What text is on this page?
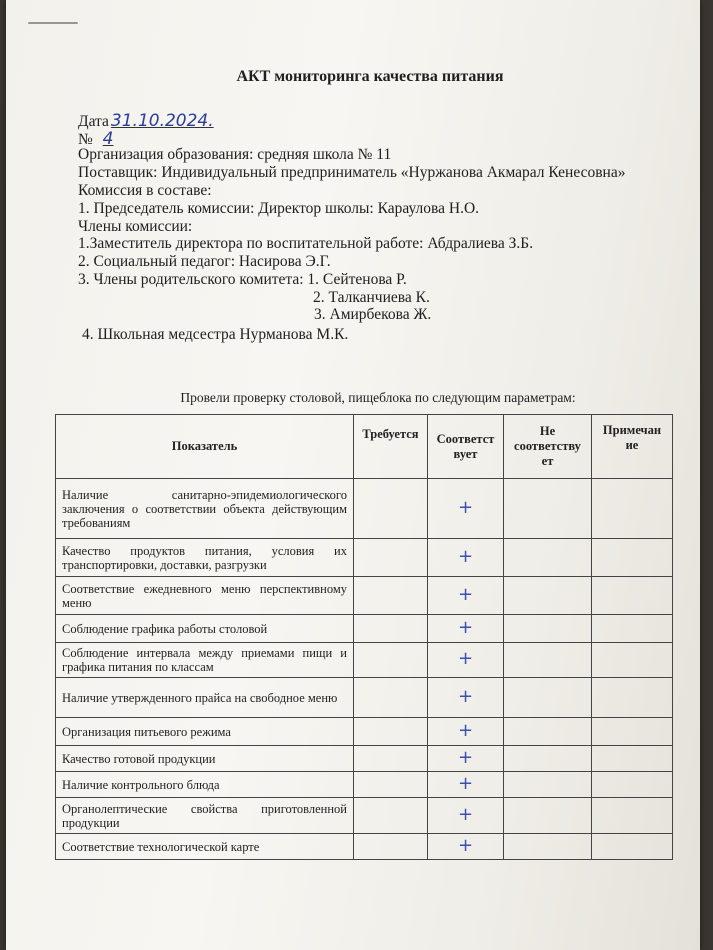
АКТ мониторинга качества питания
Дата 31.10.2024.
№ 4
Организация образования: средняя школа № 11
Поставщик: Индивидуальный предприниматель «Нуржанова Акмарал Кенесовна»
Комиссия в составе:
1. Председатель комиссии: Директор школы: Караулова Н.О.
Члены комиссии:
1.Заместитель директора по воспитательной работе: Абдралиева З.Б.
2. Социальный педагог: Насирова Э.Г.
3. Члены родительского комитета: 1. Сейтенова Р.
2. Талканчиева К.
3. Амирбекова Ж.
4. Школьная медсестра Нурманова М.К.
Провели проверку столовой, пищеблока по следующим параметрам:
Показатель	Требуется	Соответст вует	Не соответству ет	Примечан ие
Наличие санитарно-эпидемиологического заключения о соответствии объекта действующим требованиям		+		
Качество продуктов питания, условия их транспортировки, доставки, разгрузки		+		
Соответствие ежедневного меню перспективному меню		+		
Соблюдение графика работы столовой		+		
Соблюдение интервала между приемами пищи и графика питания по классам		+		
Наличие утвержденного прайса на свободное меню		+		
Организация питьевого режима		+		
Качество готовой продукции		+		
Наличие контрольного блюда		+		
Органолептические свойства приготовленной продукции		+		
Соответствие технологической карте		+		
